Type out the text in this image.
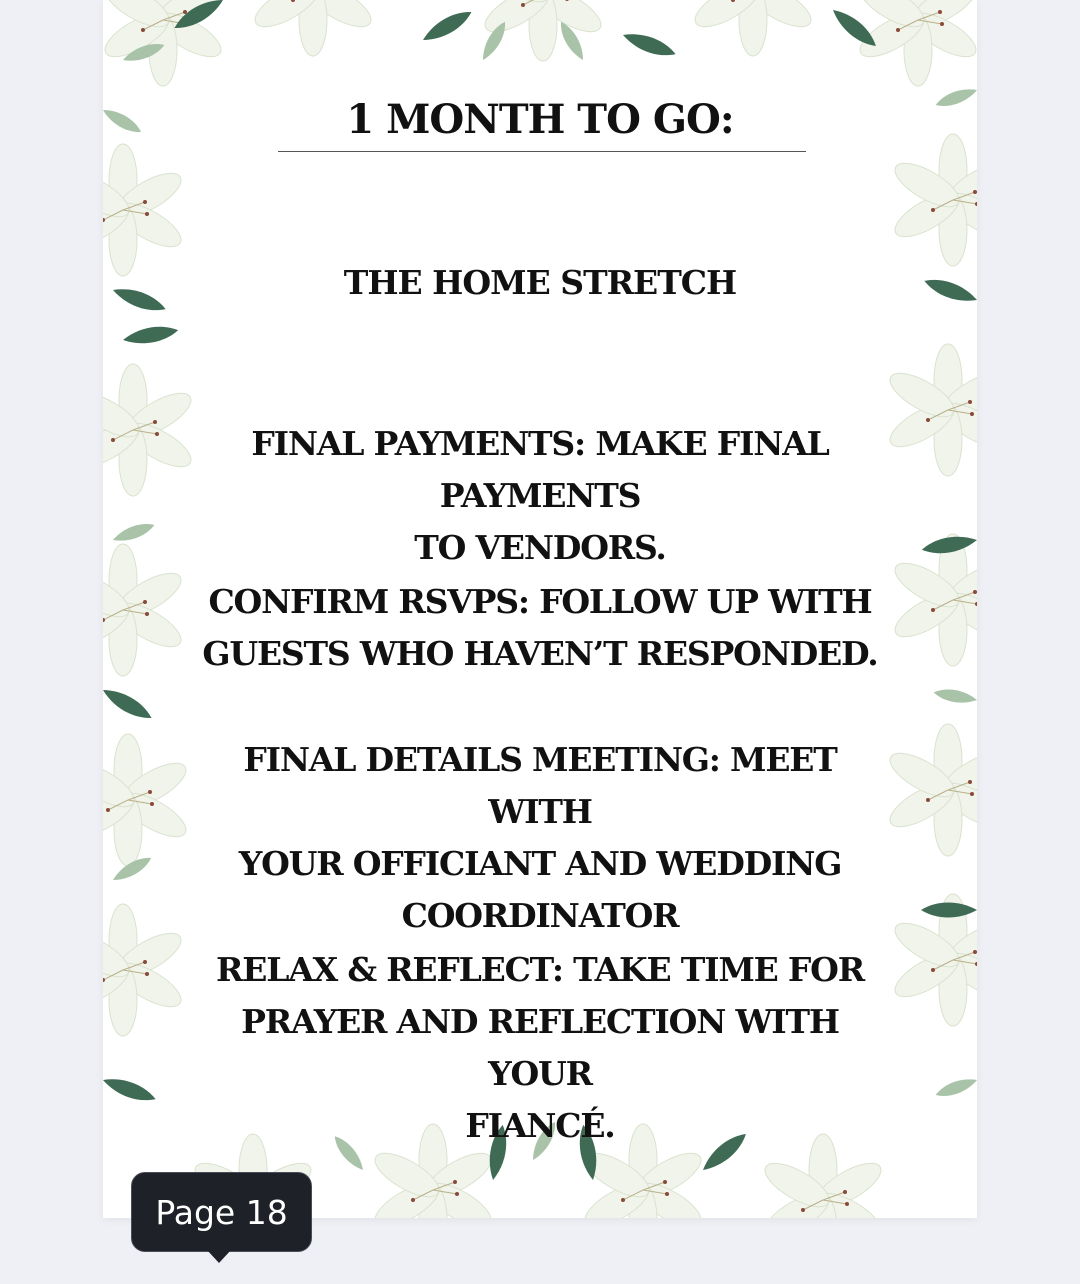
1 MONTH TO GO:
THE HOME STRETCH
FINAL PAYMENTS: MAKE FINAL PAYMENTS
TO VENDORS.
CONFIRM RSVPS: FOLLOW UP WITH
GUESTS WHO HAVEN’T RESPONDED.
FINAL DETAILS MEETING: MEET WITH
YOUR OFFICIANT AND WEDDING
COORDINATOR
RELAX & REFLECT: TAKE TIME FOR
PRAYER AND REFLECTION WITH YOUR
FIANCÉ.
Page 18
